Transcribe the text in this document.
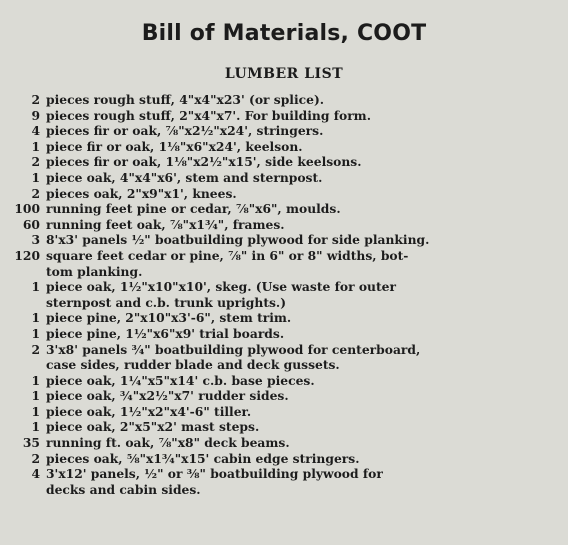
Bill of Materials, COOT
LUMBER LIST
2 pieces rough stuff, 4"x4"x23' (or splice).
9 pieces rough stuff, 2"x4"x7'. For building form.
4 pieces fir or oak, ⅞"x2½"x24', stringers.
1 piece fir or oak, 1⅛"x6"x24', keelson.
2 pieces fir or oak, 1⅛"x2½"x15', side keelsons.
1 piece oak, 4"x4"x6', stem and sternpost.
2 pieces oak, 2"x9"x1', knees.
100 running feet pine or cedar, ⅞"x6", moulds.
60 running feet oak, ⅞"x1¾", frames.
3 8'x3' panels ½" boatbuilding plywood for side planking.
120 square feet cedar or pine, ⅞" in 6" or 8" widths, bot-
tom planking.
1 piece oak, 1½"x10"x10', skeg. (Use waste for outer
sternpost and c.b. trunk uprights.)
1 piece pine, 2"x10"x3'-6", stem trim.
1 piece pine, 1½"x6"x9' trial boards.
2 3'x8' panels ¾" boatbuilding plywood for centerboard,
case sides, rudder blade and deck gussets.
1 piece oak, 1¼"x5"x14' c.b. base pieces.
1 piece oak, ¾"x2½"x7' rudder sides.
1 piece oak, 1½"x2"x4'-6" tiller.
1 piece oak, 2"x5"x2' mast steps.
35 running ft. oak, ⅞"x8" deck beams.
2 pieces oak, ⅝"x1¾"x15' cabin edge stringers.
4 3'x12' panels, ½" or ⅜" boatbuilding plywood for
decks and cabin sides.
